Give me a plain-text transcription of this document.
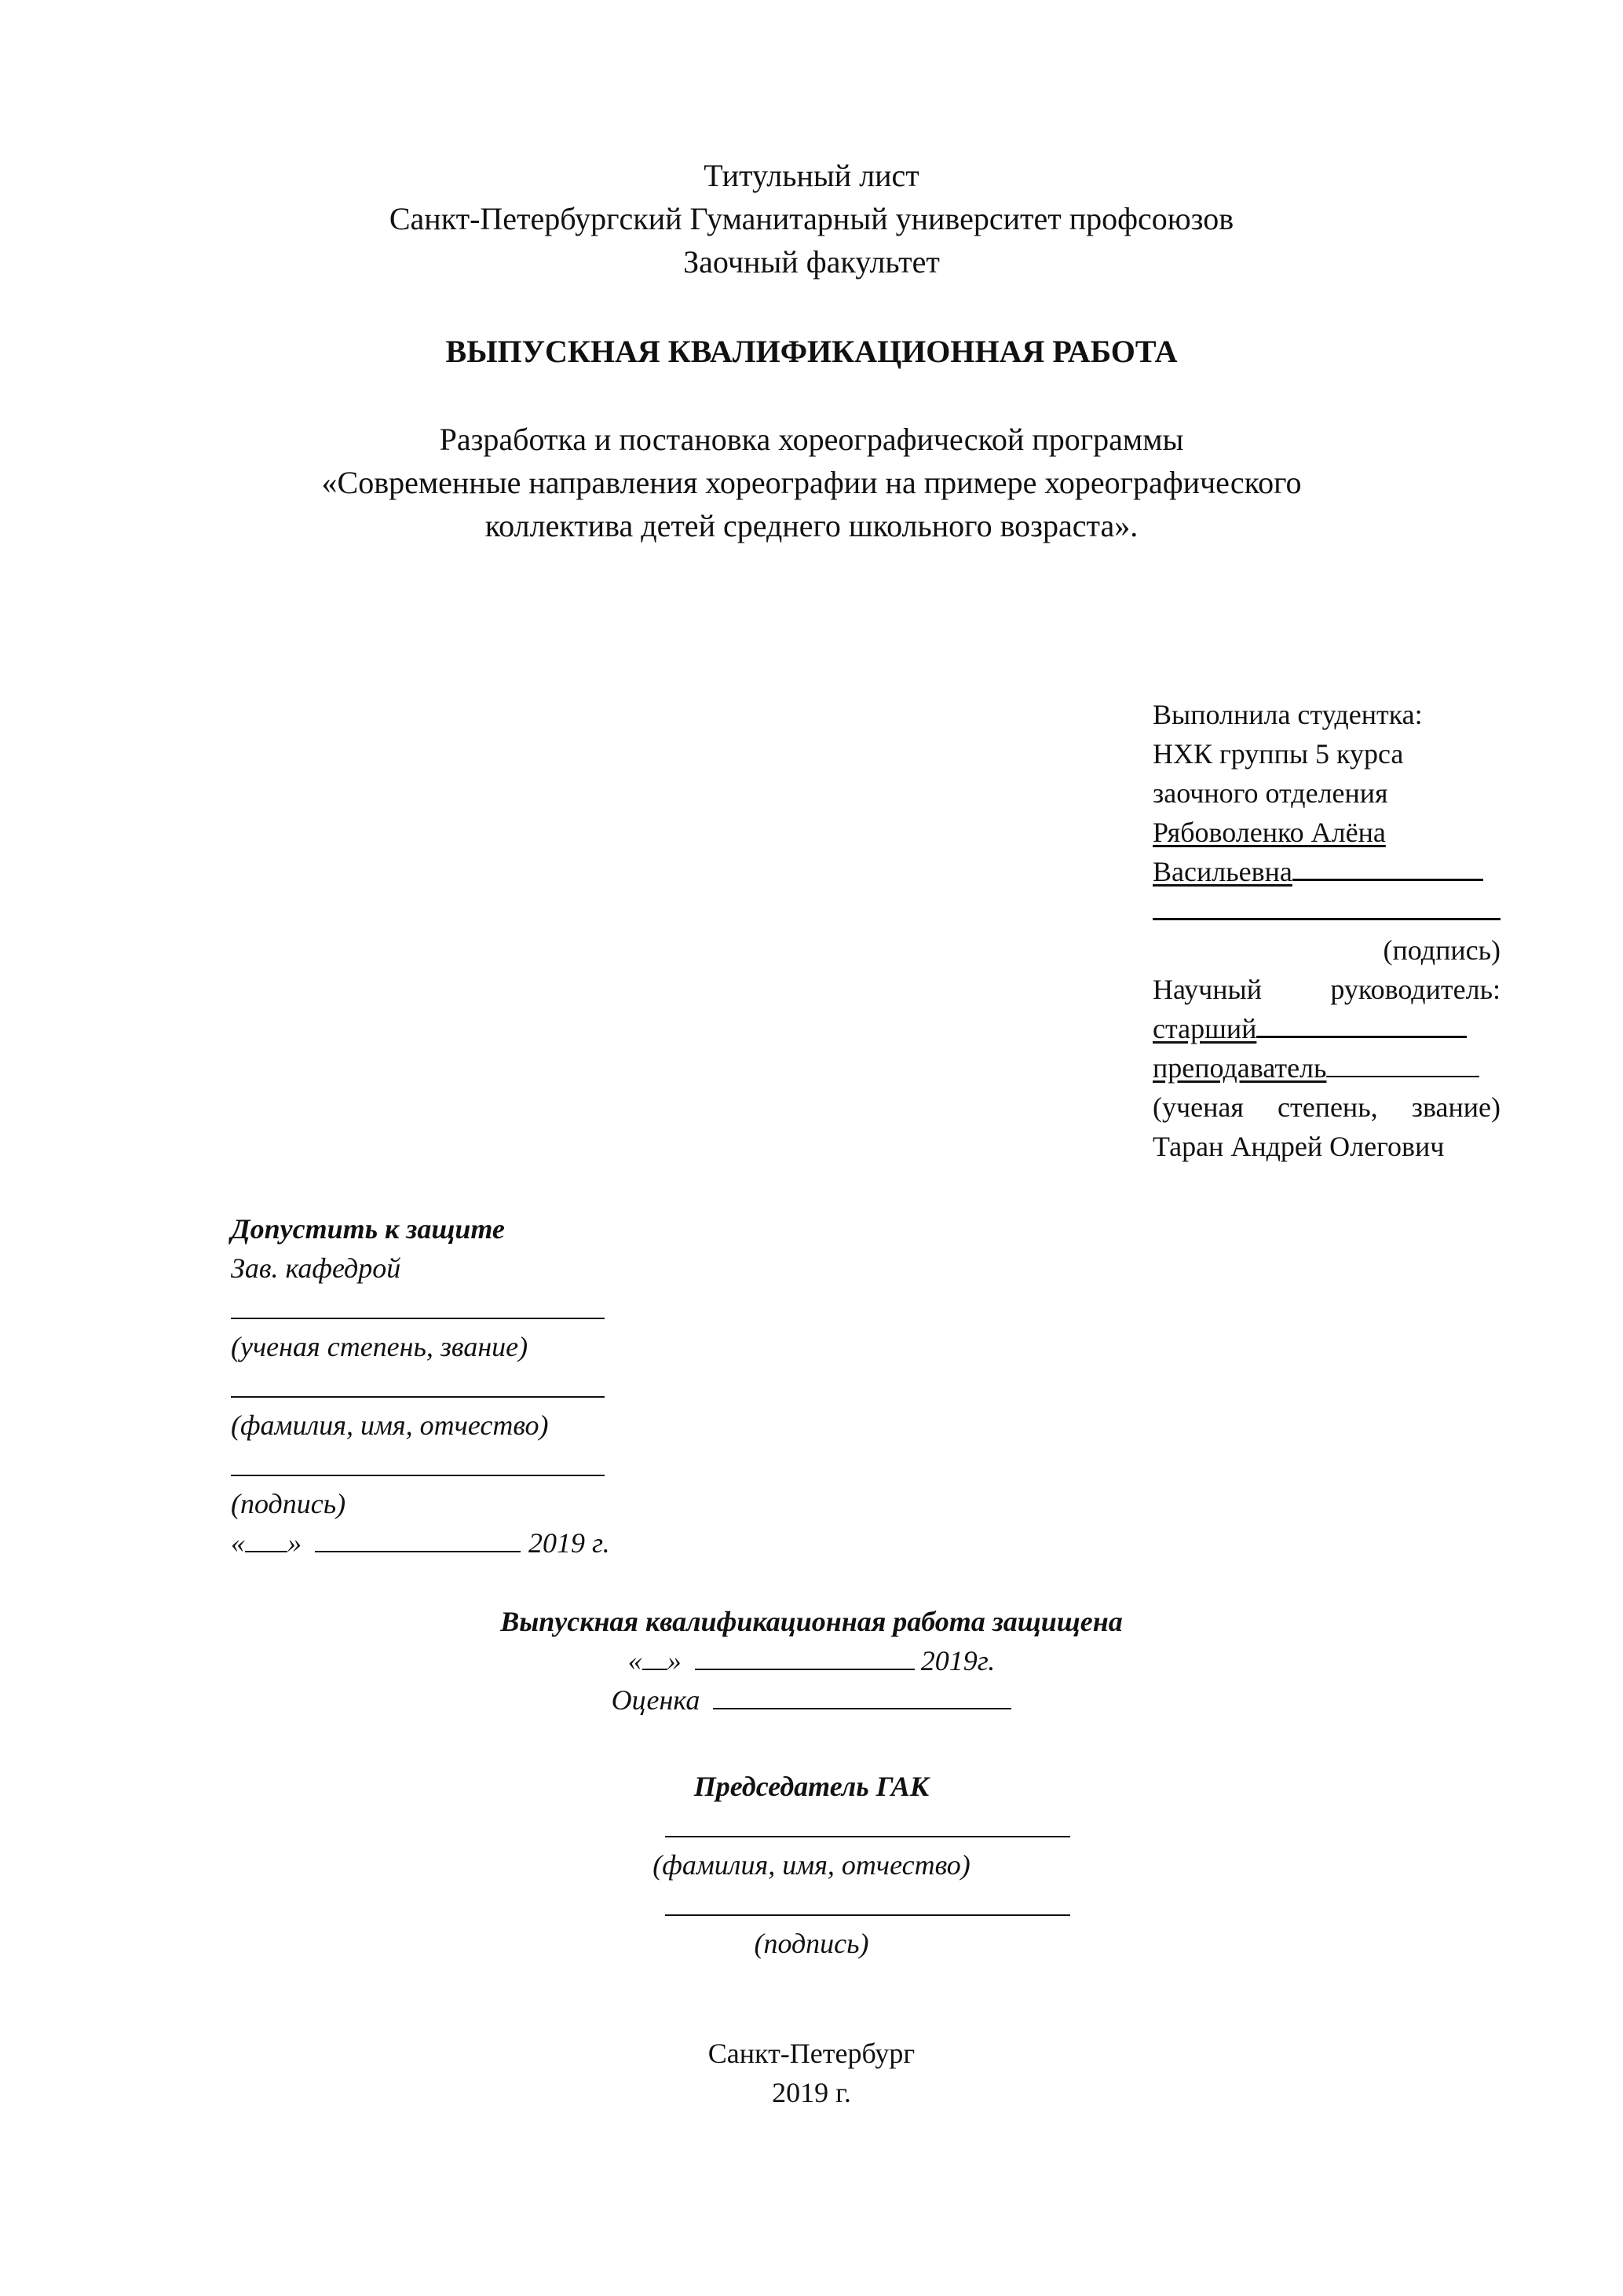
Титульный лист
Санкт-Петербургский Гуманитарный университет профсоюзов
Заочный факультет
ВЫПУСКНАЯ КВАЛИФИКАЦИОННАЯ РАБОТА
Разработка и постановка хореографической программы
«Современные направления хореографии на примере хореографического
коллектива детей среднего школьного возраста».
Выполнила студентка:
НХК группы 5 курса
заочного отделения
Рябоволенко Алёна
Васильевна
(подпись)
Научный руководитель:
старший
преподаватель
(ученая степень, звание)
Таран Андрей Олегович
Допустить к защите
Зав. кафедрой
(ученая степень, звание)
(фамилия, имя, отчество)
(подпись)
« »	2019 г.
Выпускная квалификационная работа защищена
« »	2019г.
Оценка
Председатель ГАК
(фамилия, имя, отчество)
(подпись)
Санкт-Петербург
2019 г.
